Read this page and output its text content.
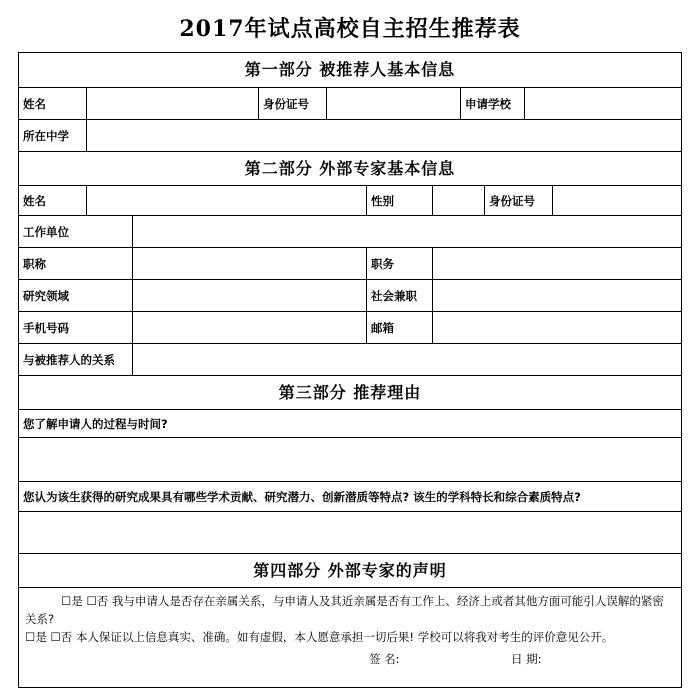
2017年试点高校自主招生推荐表
第一部分 被推荐人基本信息
姓名	身份证号	申请学校
所在中学
第二部分 外部专家基本信息
姓名	性别	身份证号
工作单位
职称	职务
研究领域	社会兼职
手机号码	邮箱
与被推荐人的关系
第三部分 推荐理由
您了解申请人的过程与时间?
您认为该生获得的研究成果具有哪些学术贡献、研究潜力、创新潜质等特点? 该生的学科特长和综合素质特点?
第四部分 外部专家的声明

☐是 ☐否 我与申请人是否存在亲属关系，与申请人及其近亲属是否有工作上、经济上或者其他方面可能引人误解的紧密关系?

☐是 ☐否 本人保证以上信息真实、准确。如有虚假，本人愿意承担一切后果! 学校可以将我对考生的评价意见公开。

签 名:	日 期:
